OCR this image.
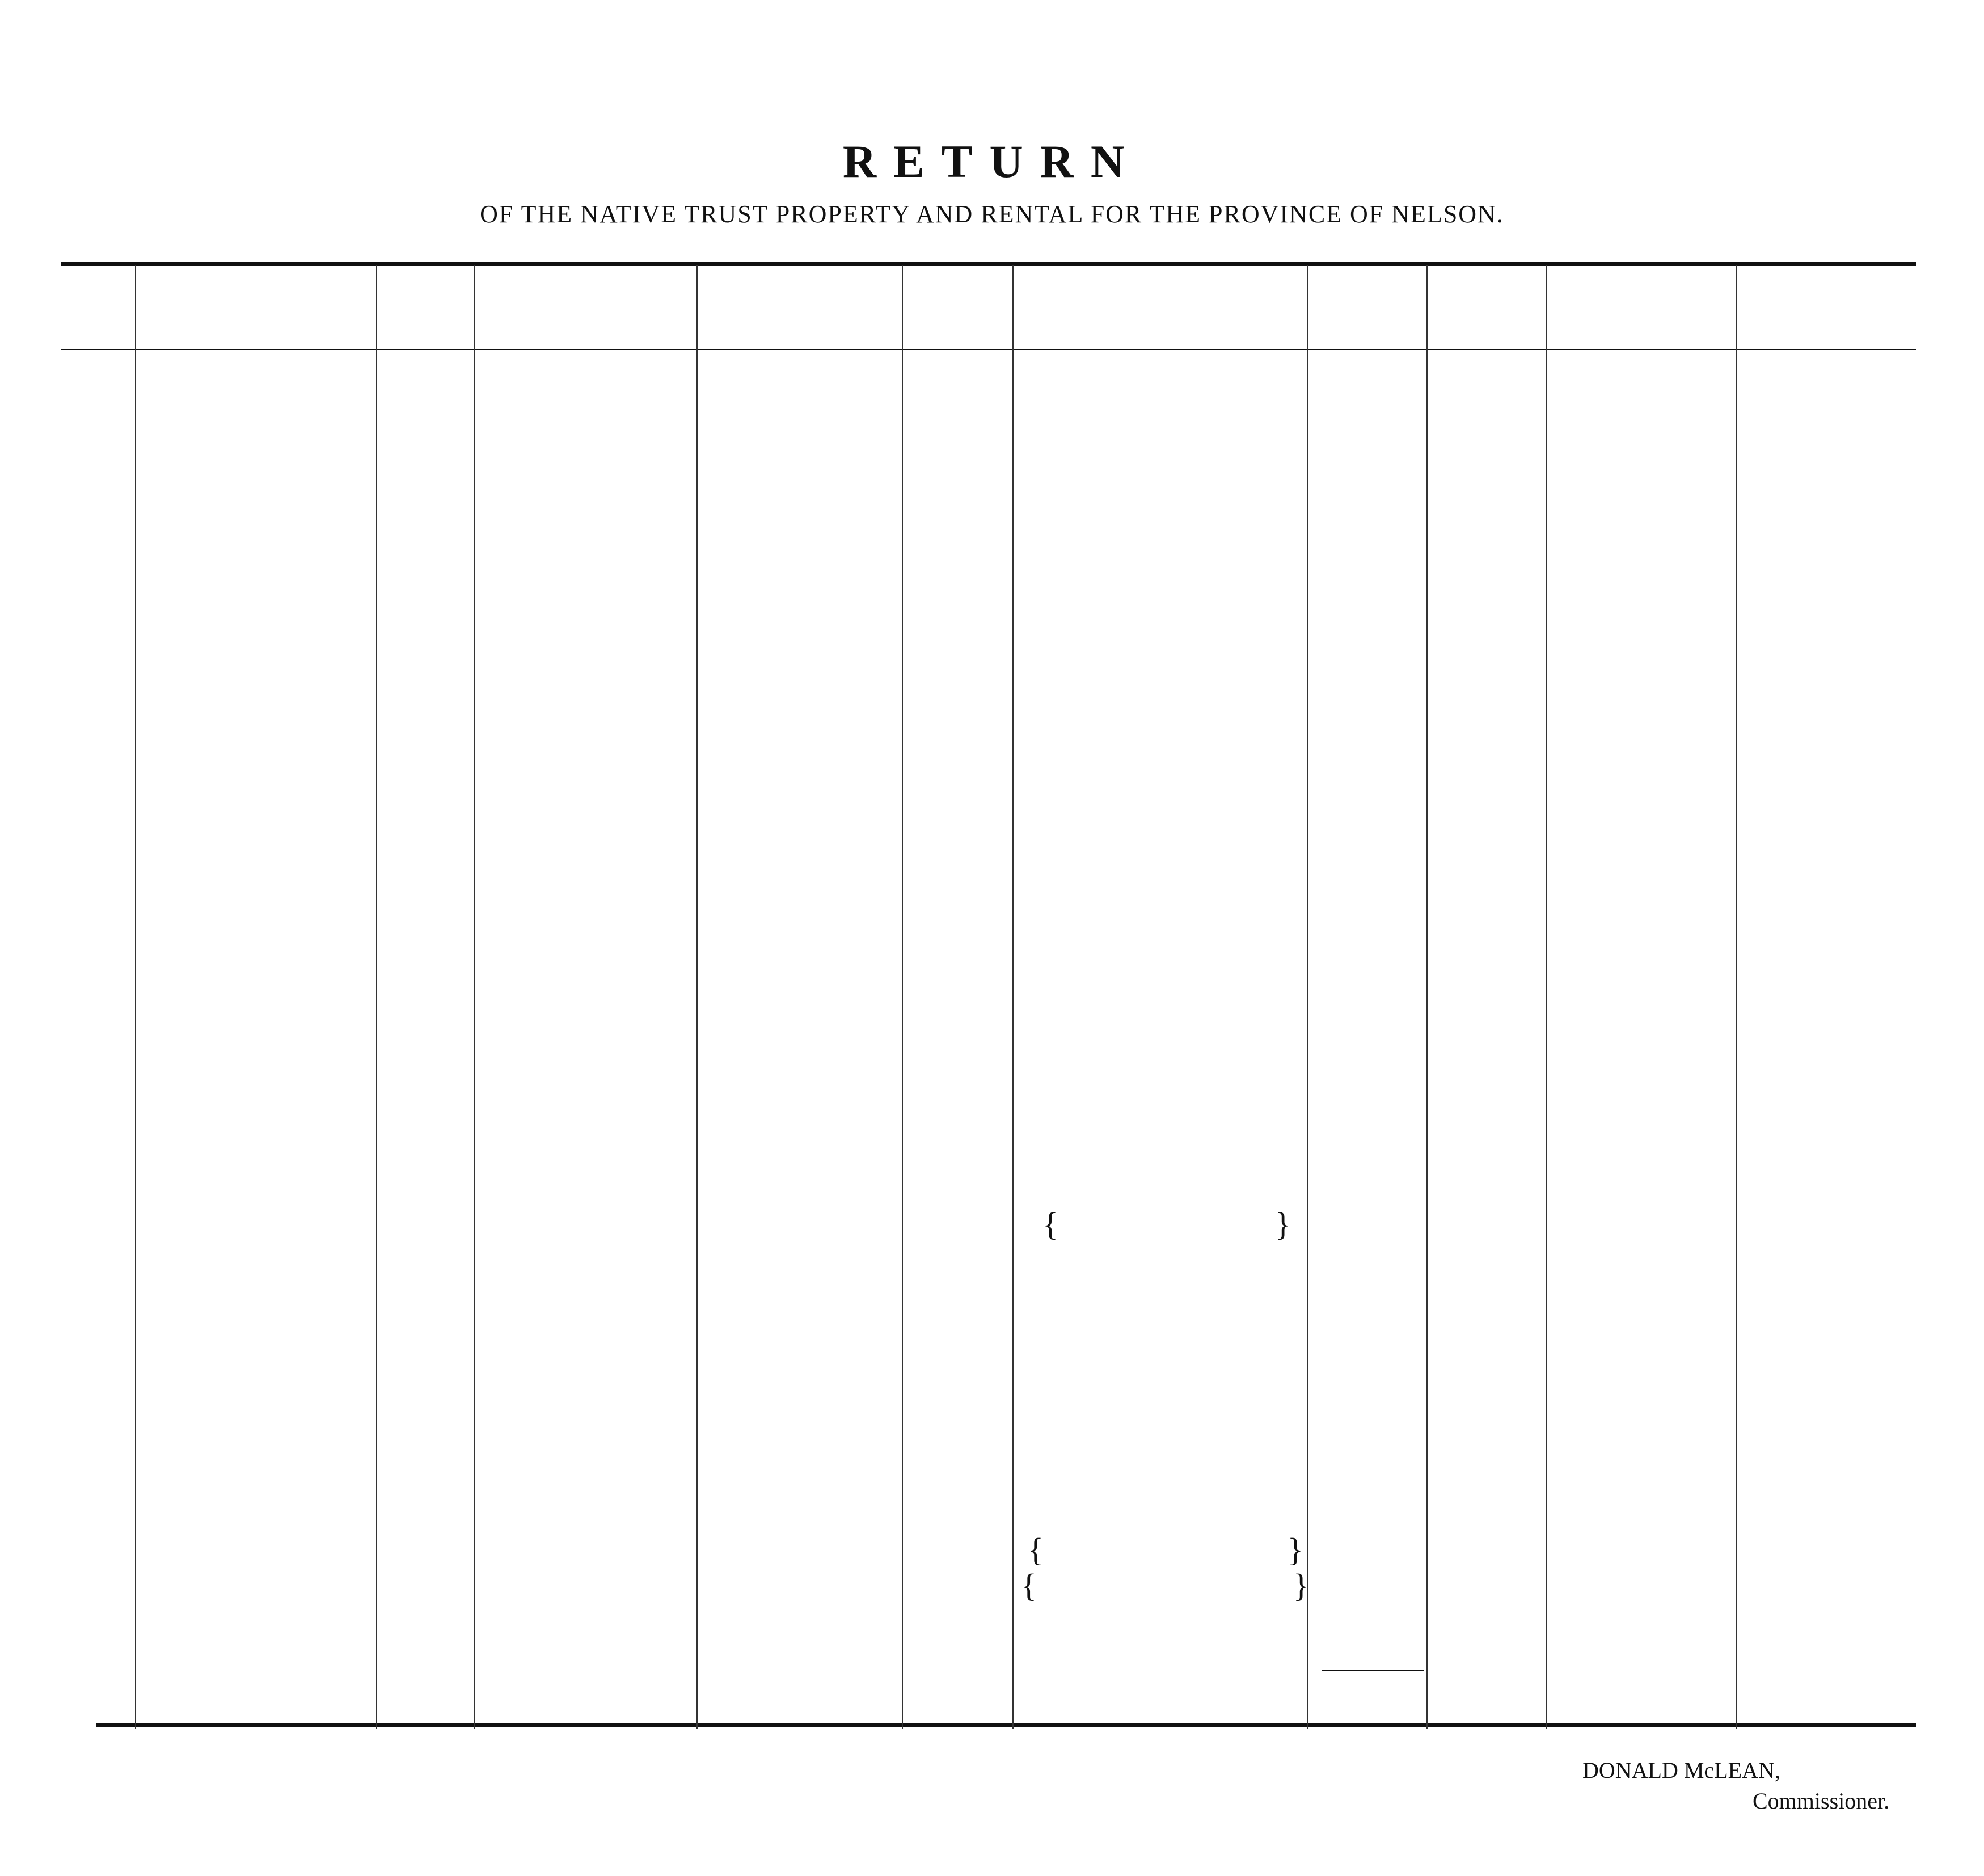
RETURN
OF THE NATIVE TRUST PROPERTY AND RENTAL FOR THE PROVINCE OF NELSON.
{	}
{	}
{	}
DONALD McLEAN,
Commissioner.
